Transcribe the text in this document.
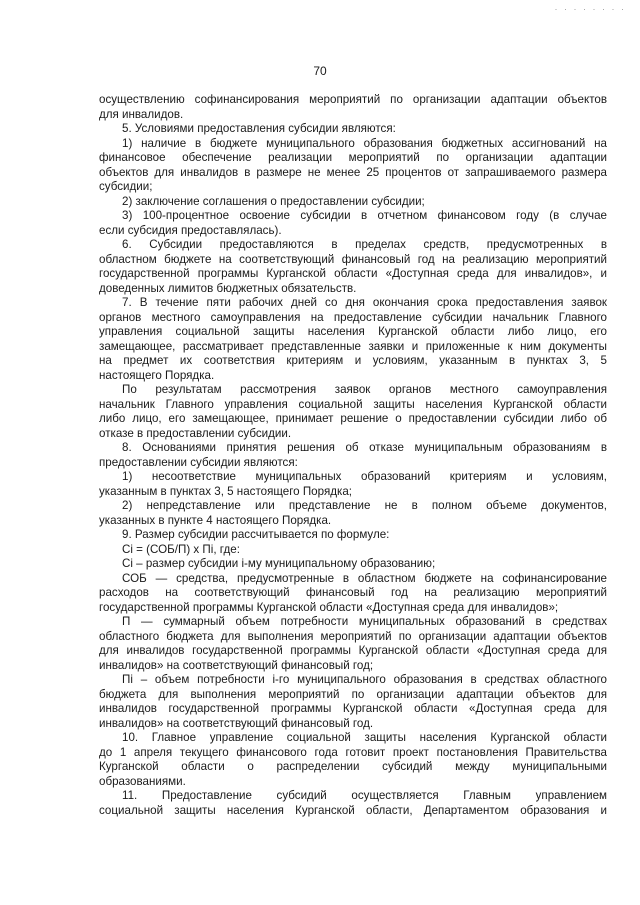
· · · · · · · ·
70
осуществлению софинансирования мероприятий по организации адаптации объектов
для инвалидов.
5. Условиями предоставления субсидии являются:
1) наличие в бюджете муниципального образования бюджетных ассигнований на
финансовое обеспечение реализации мероприятий по организации адаптации
объектов для инвалидов в размере не менее 25 процентов от запрашиваемого размера
субсидии;
2) заключение соглашения о предоставлении субсидии;
3) 100-процентное освоение субсидии в отчетном финансовом году (в случае
если субсидия предоставлялась).
6. Субсидии предоставляются в пределах средств, предусмотренных в
областном бюджете на соответствующий финансовый год на реализацию мероприятий
государственной программы Курганской области «Доступная среда для инвалидов», и
доведенных лимитов бюджетных обязательств.
7. В течение пяти рабочих дней со дня окончания срока предоставления заявок
органов местного самоуправления на предоставление субсидии начальник Главного
управления социальной защиты населения Курганской области либо лицо, его
замещающее, рассматривает представленные заявки и приложенные к ним документы
на предмет их соответствия критериям и условиям, указанным в пунктах 3, 5
настоящего Порядка.
По результатам рассмотрения заявок органов местного самоуправления
начальник Главного управления социальной защиты населения Курганской области
либо лицо, его замещающее, принимает решение о предоставлении субсидии либо об
отказе в предоставлении субсидии.
8. Основаниями принятия решения об отказе муниципальным образованиям в
предоставлении субсидии являются:
1) несоответствие муниципальных образований критериям и условиям,
указанным в пунктах 3, 5 настоящего Порядка;
2) непредставление или представление не в полном объеме документов,
указанных в пункте 4 настоящего Порядка.
9. Размер субсидии рассчитывается по формуле:
Ci = (СОБ/П) x Пi, где:
Ci – размер субсидии i-му муниципальному образованию;
СОБ — средства, предусмотренные в областном бюджете на софинансирование
расходов на соответствующий финансовый год на реализацию мероприятий
государственной программы Курганской области «Доступная среда для инвалидов»;
П — суммарный объем потребности муниципальных образований в средствах
областного бюджета для выполнения мероприятий по организации адаптации объектов
для инвалидов государственной программы Курганской области «Доступная среда для
инвалидов» на соответствующий финансовый год;
Пi – объем потребности i-го муниципального образования в средствах областного
бюджета для выполнения мероприятий по организации адаптации объектов для
инвалидов государственной программы Курганской области «Доступная среда для
инвалидов» на соответствующий финансовый год.
10. Главное управление социальной защиты населения Курганской области
до 1 апреля текущего финансового года готовит проект постановления Правительства
Курганской области о распределении субсидий между муниципальными
образованиями.
11. Предоставление субсидий осуществляется Главным управлением
социальной защиты населения Курганской области, Департаментом образования и
